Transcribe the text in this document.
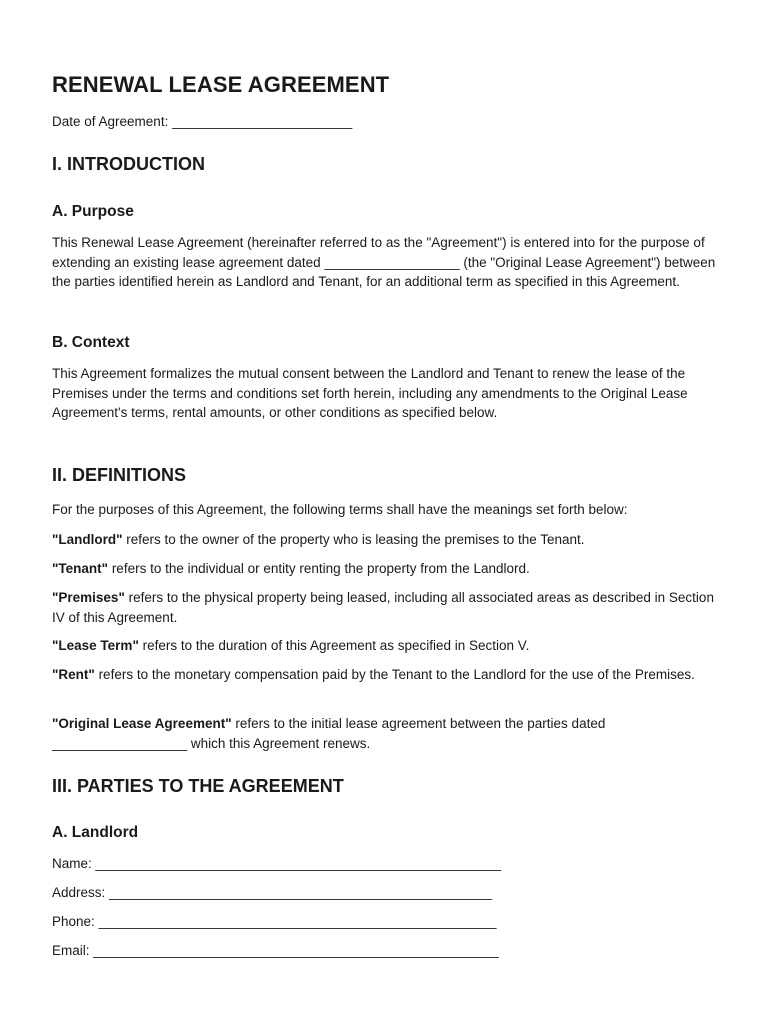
RENEWAL LEASE AGREEMENT

Date of Agreement: ________________________

I. INTRODUCTION
A. Purpose

This Renewal Lease Agreement (hereinafter referred to as the "Agreement") is entered into for the purpose of extending an existing lease agreement dated __________________ (the "Original Lease Agreement") between the parties identified herein as Landlord and Tenant, for an additional term as specified in this Agreement.

B. Context

This Agreement formalizes the mutual consent between the Landlord and Tenant to renew the lease of the Premises under the terms and conditions set forth herein, including any amendments to the Original Lease Agreement's terms, rental amounts, or other conditions as specified below.

II. DEFINITIONS

For the purposes of this Agreement, the following terms shall have the meanings set forth below:

"Landlord" refers to the owner of the property who is leasing the premises to the Tenant.

"Tenant" refers to the individual or entity renting the property from the Landlord.

"Premises" refers to the physical property being leased, including all associated areas as described in Section IV of this Agreement.

"Lease Term" refers to the duration of this Agreement as specified in Section V.

"Rent" refers to the monetary compensation paid by the Tenant to the Landlord for the use of the Premises.

"Original Lease Agreement" refers to the initial lease agreement between the parties dated __________________ which this Agreement renews.

III. PARTIES TO THE AGREEMENT
A. Landlord

Name: ______________________________________________________

Address: ___________________________________________________

Phone: _____________________________________________________

Email: ______________________________________________________
